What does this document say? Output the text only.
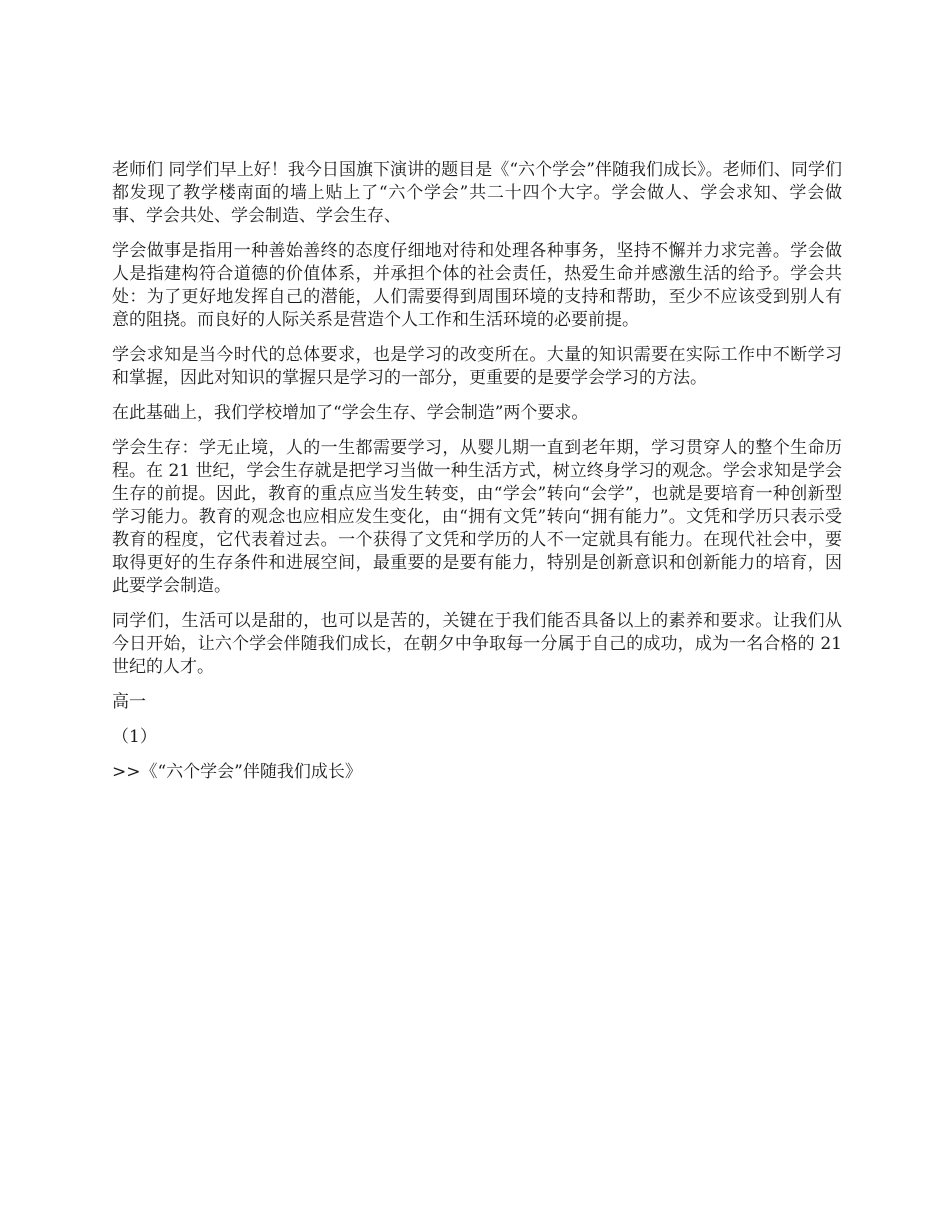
老师们 同学们早上好！我今日国旗下演讲的题目是《“六个学会”伴随我们成长》。老师们、同学们都发现了教学楼南面的墙上贴上了“六个学会”共二十四个大字。学会做人、学会求知、学会做事、学会共处、学会制造、学会生存、

学会做事是指用一种善始善终的态度仔细地对待和处理各种事务，坚持不懈并力求完善。学会做人是指建构符合道德的价值体系，并承担个体的社会责任，热爱生命并感激生活的给予。学会共处：为了更好地发挥自己的潜能，人们需要得到周围环境的支持和帮助，至少不应该受到别人有意的阻挠。而良好的人际关系是营造个人工作和生活环境的必要前提。

学会求知是当今时代的总体要求，也是学习的改变所在。大量的知识需要在实际工作中不断学习和掌握，因此对知识的掌握只是学习的一部分，更重要的是要学会学习的方法。

在此基础上，我们学校增加了“学会生存、学会制造”两个要求。

学会生存：学无止境，人的一生都需要学习，从婴儿期一直到老年期，学习贯穿人的整个生命历程。在 21 世纪，学会生存就是把学习当做一种生活方式，树立终身学习的观念。学会求知是学会生存的前提。因此，教育的重点应当发生转变，由“学会”转向“会学”，也就是要培育一种创新型学习能力。教育的观念也应相应发生变化，由“拥有文凭”转向“拥有能力”。文凭和学历只表示受教育的程度，它代表着过去。一个获得了文凭和学历的人不一定就具有能力。在现代社会中，要取得更好的生存条件和进展空间，最重要的是要有能力，特别是创新意识和创新能力的培育，因此要学会制造。

同学们，生活可以是甜的，也可以是苦的，关键在于我们能否具备以上的素养和要求。让我们从今日开始，让六个学会伴随我们成长，在朝夕中争取每一分属于自己的成功，成为一名合格的 21 世纪的人才。

高一

（1）

>>《“六个学会”伴随我们成长》
